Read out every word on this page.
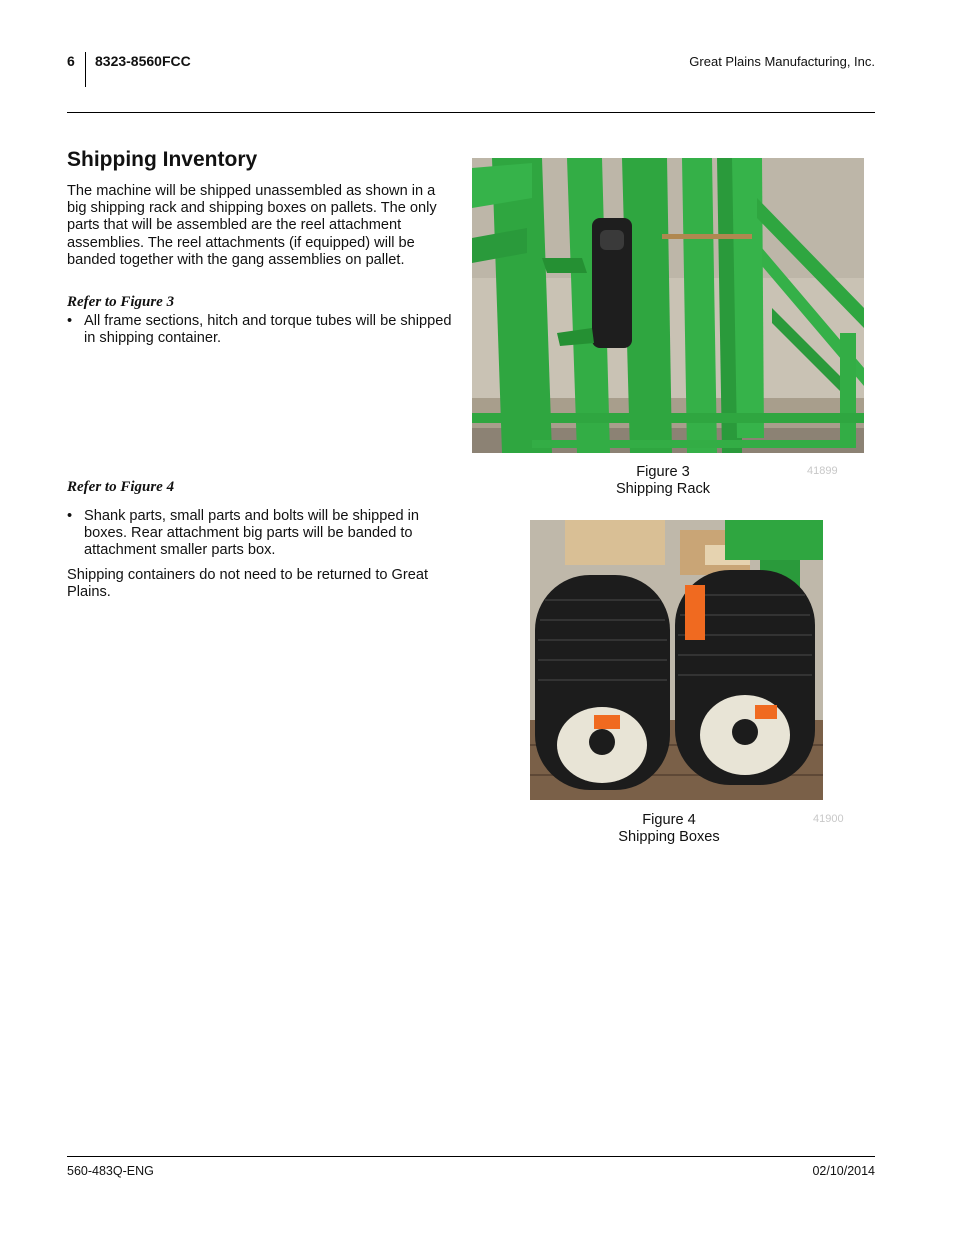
6 8323-8560FCC	Great Plains Manufacturing, Inc.
Shipping Inventory

The machine will be shipped unassembled as shown in a big shipping rack and shipping boxes on pallets. The only parts that will be assembled are the reel attachment assemblies. The reel attachments (if equipped) will be banded together with the gang assemblies on pallet.

Refer to Figure 3

• All frame sections, hitch and torque tubes will be shipped in shipping container.

Refer to Figure 4

• Shank parts, small parts and bolts will be shipped in boxes. Rear attachment big parts will be banded to attachment smaller parts box.

Shipping containers do not need to be returned to Great Plains.

Figure 3
Shipping Rack
41899
Figure 4
Shipping Boxes
41900
560-483Q-ENG	02/10/2014
